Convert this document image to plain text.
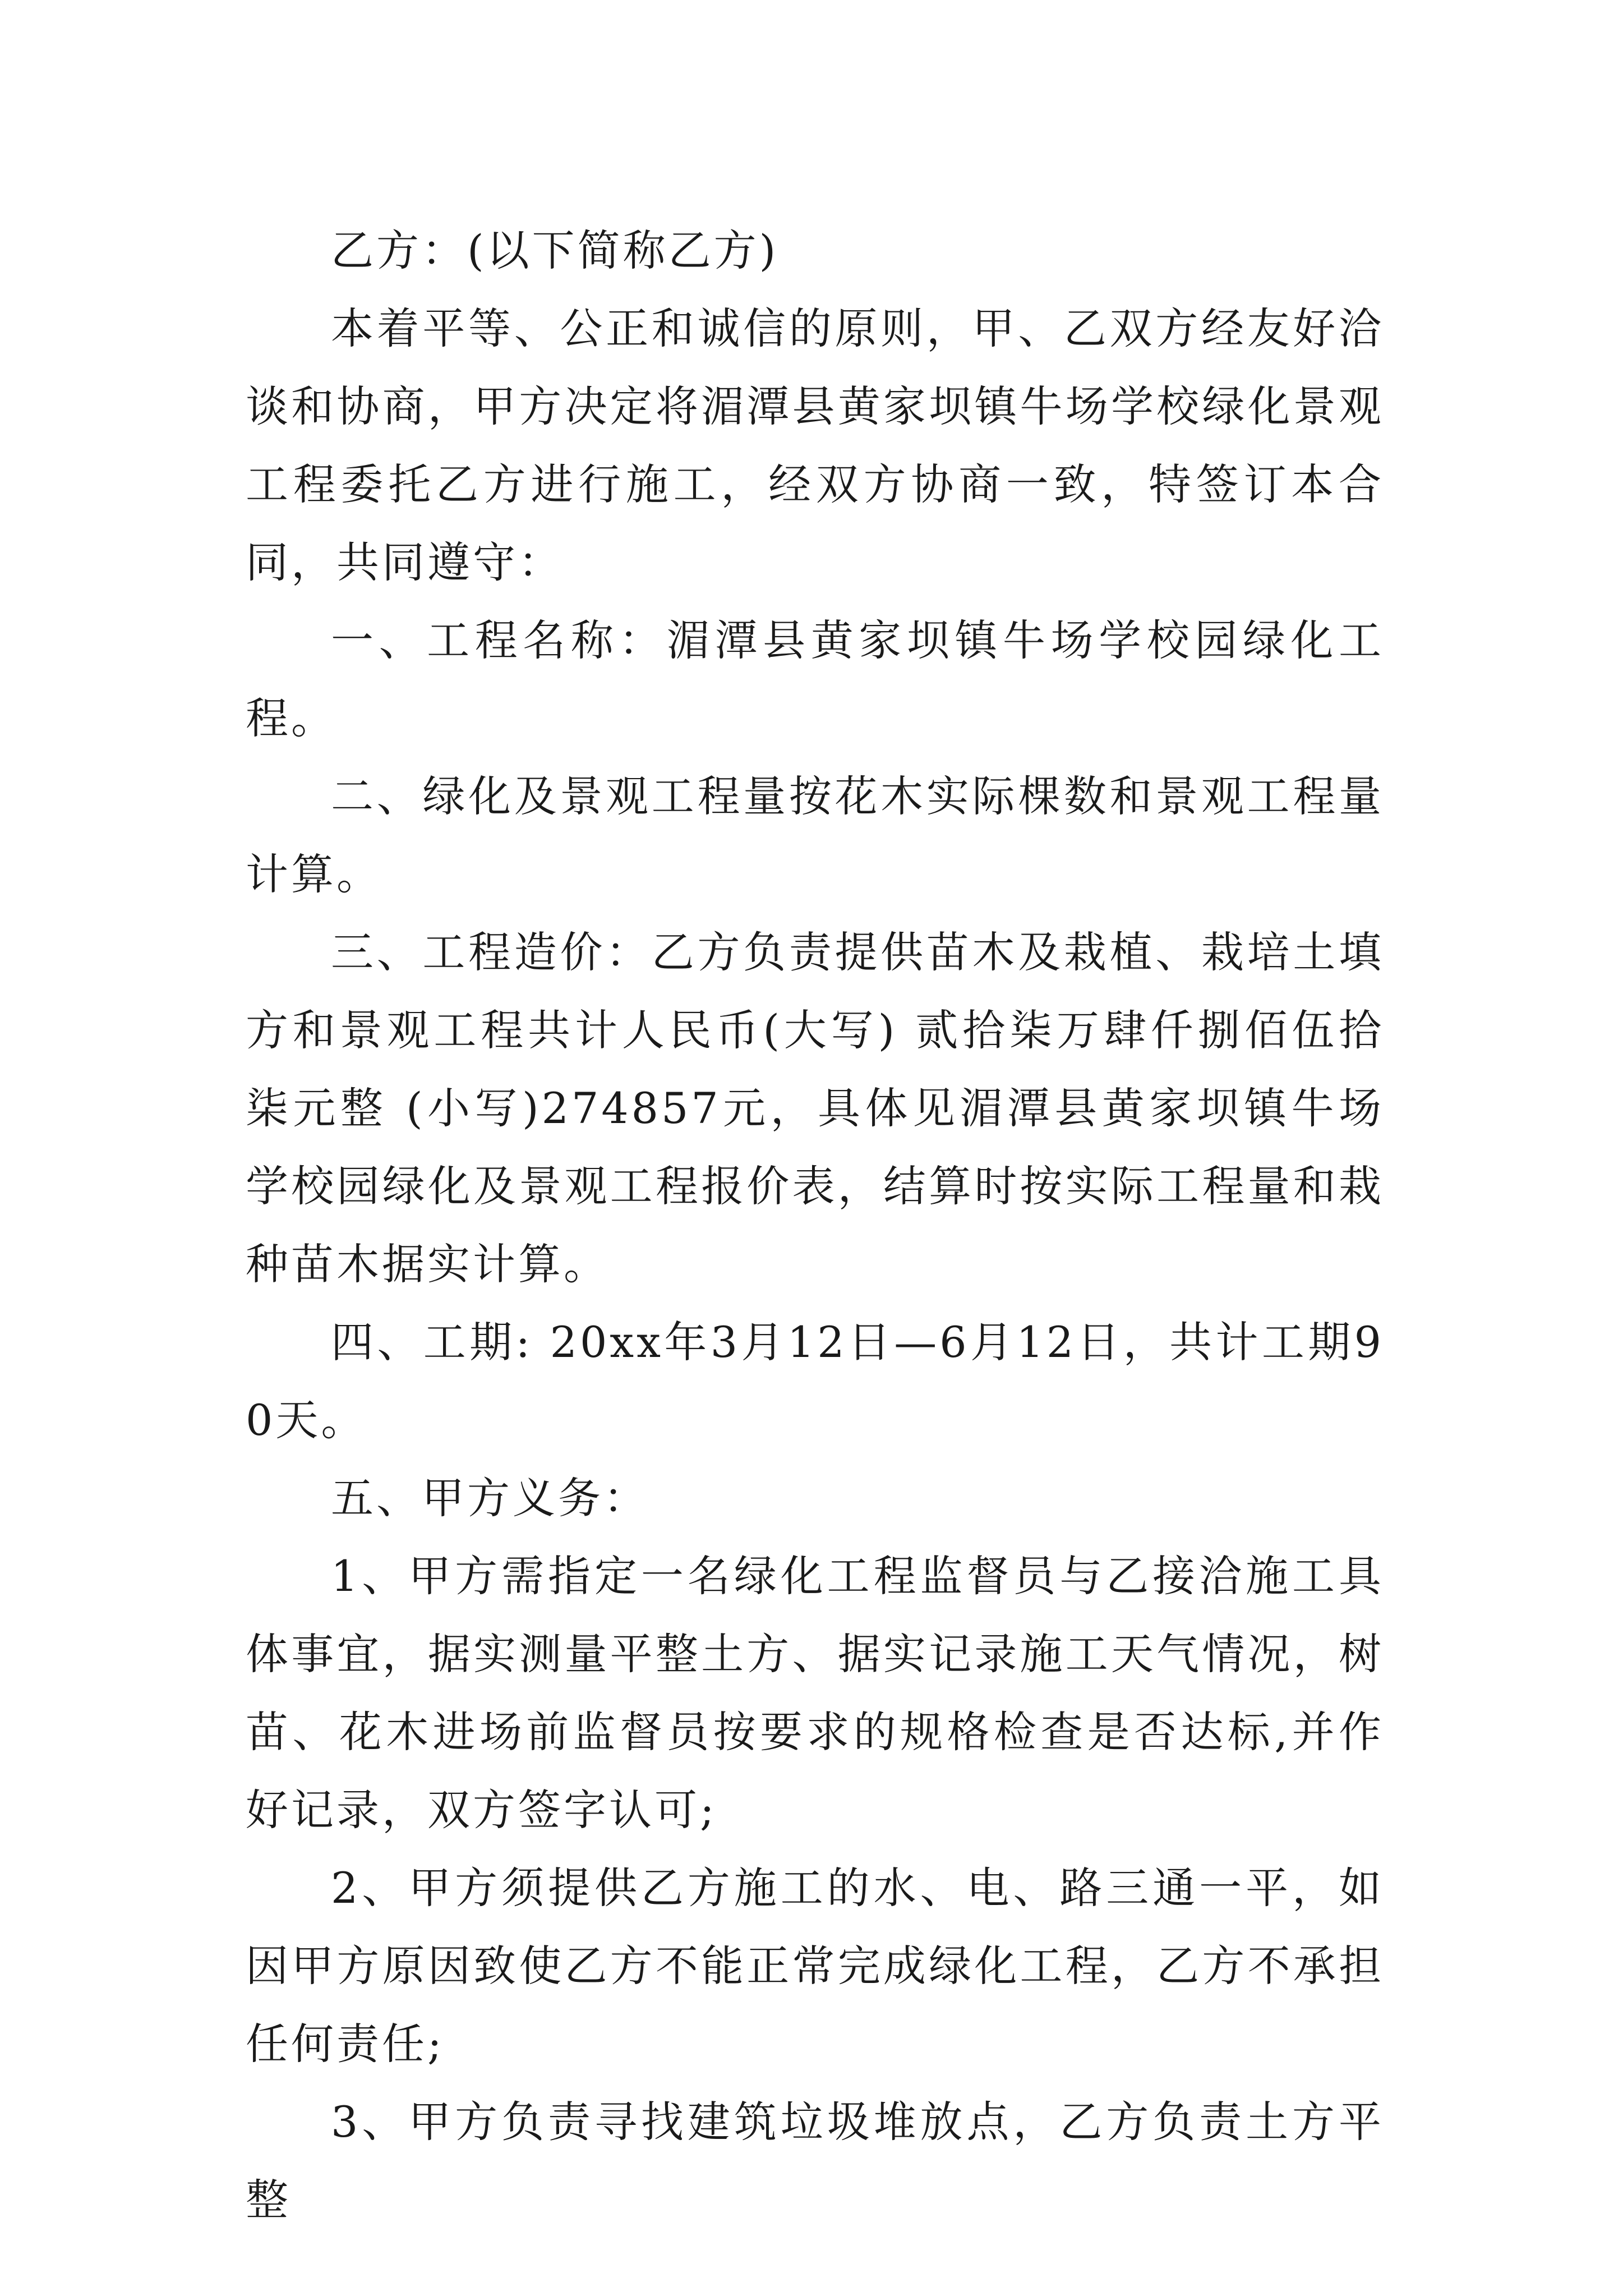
乙方：(以下简称乙方)

本着平等、公正和诚信的原则，甲、乙双方经友好洽谈和协商，甲方决定将湄潭县黄家坝镇牛场学校绿化景观工程委托乙方进行施工，经双方协商一致，特签订本合同，共同遵守：

一、工程名称：湄潭县黄家坝镇牛场学校园绿化工程。

二、绿化及景观工程量按花木实际棵数和景观工程量计算。

三、工程造价：乙方负责提供苗木及栽植、栽培土填方和景观工程共计人民币(大写) 贰拾柒万肆仟捌佰伍拾柒元整 (小写)274857元，具体见湄潭县黄家坝镇牛场学校园绿化及景观工程报价表，结算时按实际工程量和栽种苗木据实计算。

四、工期: 20xx年3月12日—6月12日，共计工期90天。

五、甲方义务：

1、甲方需指定一名绿化工程监督员与乙接洽施工具体事宜，据实测量平整土方、据实记录施工天气情况，树苗、花木进场前监督员按要求的规格检查是否达标,并作好记录，双方签字认可;

2、甲方须提供乙方施工的水、电、路三通一平，如因甲方原因致使乙方不能正常完成绿化工程，乙方不承担任何责任;

3、甲方负责寻找建筑垃圾堆放点，乙方负责土方平整
